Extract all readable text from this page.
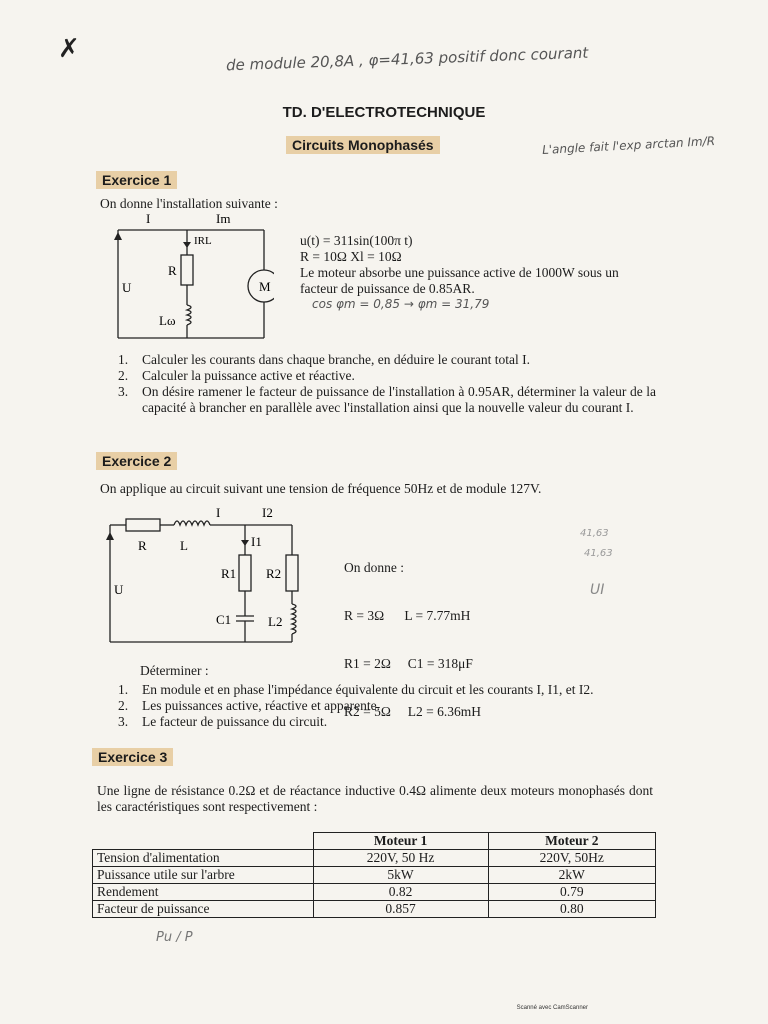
✗	de module 20,8A , φ=41,63 positif donc courant
L'angle fait l'exp arctan Im/R
TD. D'ELECTROTECHNIQUE
Circuits Monophasés
Exercice 1
On donne l'installation suivante :
I	Im
IRL
R
U	M
Lω
u(t) = 311sin(100π t)
R = 10Ω Xl = 10Ω
Le moteur absorbe une puissance active de 1000W sous un
facteur de puissance de 0.85AR.
cos φm = 0,85 → φm = 31,79
1.	Calculer les courants dans chaque branche, en déduire le courant total I.
2.	Calculer la puissance active et réactive.
3.	On désire ramener le facteur de puissance de l'installation à 0.95AR, déterminer la valeur de la capacité à brancher en parallèle avec l'installation ainsi que la nouvelle valeur du courant I.
Exercice 2
On applique au circuit suivant une tension de fréquence 50Hz et de module 127V.
R	L
I	I2
I1
R1 R2
U
C1	L2

On donne :

R = 3Ω      L = 7.77mH

R1 = 2Ω     C1 = 318μF

R2 = 5Ω     L2 = 6.36mH

41,63
41,63
UI
Déterminer :
1.	En module et en phase l'impédance équivalente du circuit et les courants I, I1, et I2.
2.	Les puissances active, réactive et apparente.
3.	Le facteur de puissance du circuit.
Exercice 3
Une ligne de résistance 0.2Ω et de réactance inductive 0.4Ω alimente deux moteurs monophasés dont les caractéristiques sont respectivement :
	Moteur 1	Moteur 2
Tension d'alimentation	220V, 50 Hz	220V, 50Hz
Puissance utile sur l'arbre	5kW	2kW
Rendement	0.82	0.79
Facteur de puissance	0.857	0.80
Pu / P
Scanné avec CamScanner
